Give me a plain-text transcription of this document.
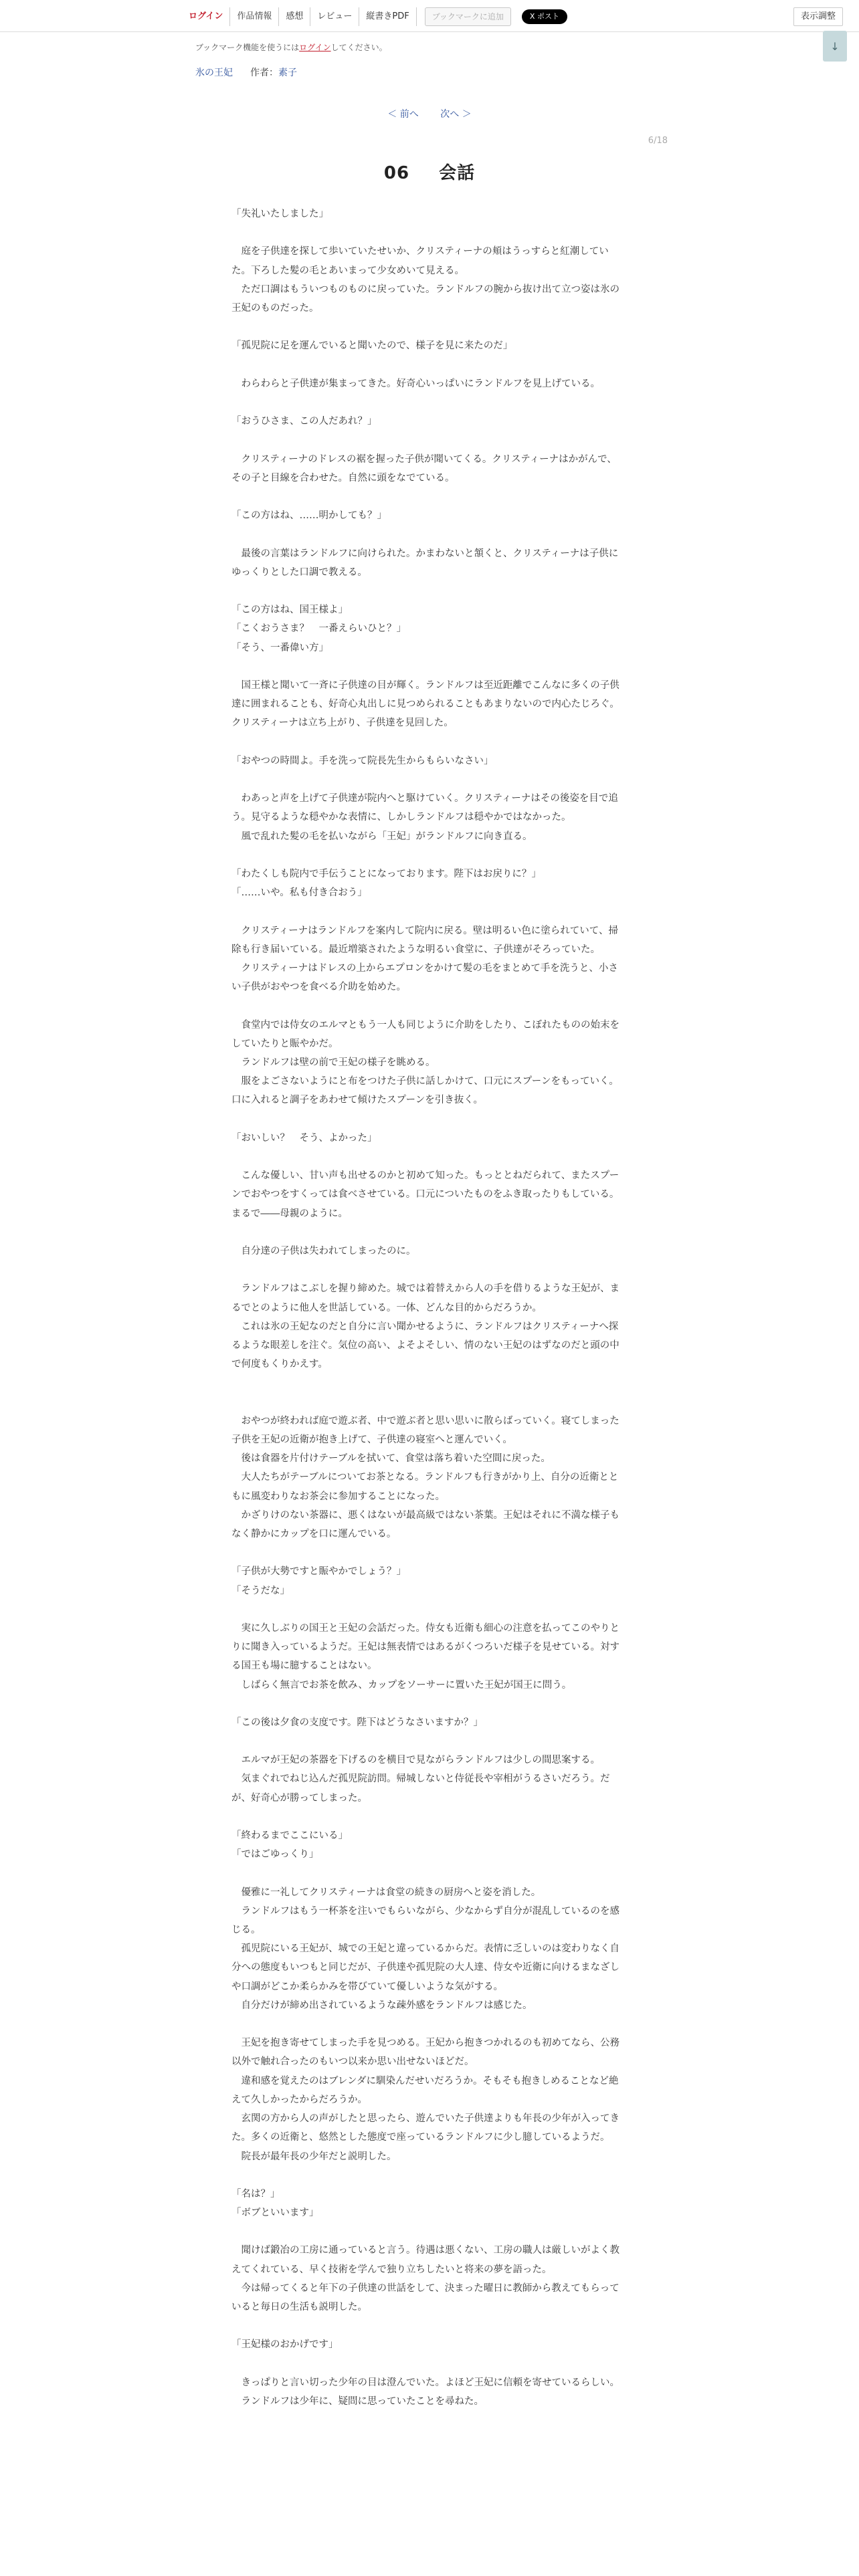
ログイン	作品情報	感想	レビュー	縦書きPDF	ブックマークに追加	X ポスト	表示調整
↓
ブックマーク機能を使うにはログインしてください。
氷の王妃 作者：素子
＜ 前へ 次へ ＞
6/18
06 会話

「失礼いたしました」

　庭を子供達を探して歩いていたせいか、クリスティーナの頬はうっすらと紅潮していた。下ろした髪の毛とあいまって少女めいて見える。

　ただ口調はもういつものものに戻っていた。ランドルフの腕から抜け出て立つ姿は氷の王妃のものだった。

「孤児院に足を運んでいると聞いたので、様子を見に来たのだ」

　わらわらと子供達が集まってきた。好奇心いっぱいにランドルフを見上げている。

「おうひさま、この人だあれ？」

　クリスティーナのドレスの裾を握った子供が聞いてくる。クリスティーナはかがんで、その子と目線を合わせた。自然に頭をなでている。

「この方はね、……明かしても？」

　最後の言葉はランドルフに向けられた。かまわないと頷くと、クリスティーナは子供にゆっくりとした口調で教える。

「この方はね、国王様よ」

「こくおうさま？　一番えらいひと？」

「そう、一番偉い方」

　国王様と聞いて一斉に子供達の目が輝く。ランドルフは至近距離でこんなに多くの子供達に囲まれることも、好奇心丸出しに見つめられることもあまりないので内心たじろぐ。クリスティーナは立ち上がり、子供達を見回した。

「おやつの時間よ。手を洗って院長先生からもらいなさい」

　わあっと声を上げて子供達が院内へと駆けていく。クリスティーナはその後姿を目で追う。見守るような穏やかな表情に、しかしランドルフは穏やかではなかった。

　風で乱れた髪の毛を払いながら「王妃」がランドルフに向き直る。

「わたくしも院内で手伝うことになっております。陛下はお戻りに？」

「……いや。私も付き合おう」

　クリスティーナはランドルフを案内して院内に戻る。壁は明るい色に塗られていて、掃除も行き届いている。最近増築されたような明るい食堂に、子供達がそろっていた。

　クリスティーナはドレスの上からエプロンをかけて髪の毛をまとめて手を洗うと、小さい子供がおやつを食べる介助を始めた。

　食堂内では侍女のエルマともう一人も同じように介助をしたり、こぼれたものの始末をしていたりと賑やかだ。

　ランドルフは壁の前で王妃の様子を眺める。

　服をよごさないようにと布をつけた子供に話しかけて、口元にスプーンをもっていく。口に入れると調子をあわせて傾けたスプーンを引き抜く。

「おいしい？　そう、よかった」

　こんな優しい、甘い声も出せるのかと初めて知った。もっととねだられて、またスプーンでおやつをすくっては食べさせている。口元についたものをふき取ったりもしている。まるで――母親のように。

　自分達の子供は失われてしまったのに。

　ランドルフはこぶしを握り締めた。城では着替えから人の手を借りるような王妃が、まるでとのように他人を世話している。一体、どんな目的からだろうか。

　これは氷の王妃なのだと自分に言い聞かせるように、ランドルフはクリスティーナへ探るような眼差しを注ぐ。気位の高い、よそよそしい、情のない王妃のはずなのだと頭の中で何度もくりかえす。

　おやつが終われば庭で遊ぶ者、中で遊ぶ者と思い思いに散らばっていく。寝てしまった子供を王妃の近衛が抱き上げて、子供達の寝室へと運んでいく。

　後は食器を片付けテーブルを拭いて、食堂は落ち着いた空間に戻った。

　大人たちがテーブルについてお茶となる。ランドルフも行きがかり上、自分の近衛とともに風変わりなお茶会に参加することになった。

　かざりけのない茶器に、悪くはないが最高級ではない茶葉。王妃はそれに不満な様子もなく静かにカップを口に運んでいる。

「子供が大勢ですと賑やかでしょう？」

「そうだな」

　実に久しぶりの国王と王妃の会話だった。侍女も近衛も細心の注意を払ってこのやりとりに聞き入っているようだ。王妃は無表情ではあるがくつろいだ様子を見せている。対する国王も場に臆することはない。

　しばらく無言でお茶を飲み、カップをソーサーに置いた王妃が国王に問う。

「この後は夕食の支度です。陛下はどうなさいますか？」

　エルマが王妃の茶器を下げるのを横目で見ながらランドルフは少しの間思案する。

　気まぐれでねじ込んだ孤児院訪問。帰城しないと侍従長や宰相がうるさいだろう。だが、好奇心が勝ってしまった。

「終わるまでここにいる」

「ではごゆっくり」

　優雅に一礼してクリスティーナは食堂の続きの厨房へと姿を消した。

　ランドルフはもう一杯茶を注いでもらいながら、少なからず自分が混乱しているのを感じる。

　孤児院にいる王妃が、城での王妃と違っているからだ。表情に乏しいのは変わりなく自分への態度もいつもと同じだが、子供達や孤児院の大人達、侍女や近衛に向けるまなざしや口調がどこか柔らかみを帯びていて優しいような気がする。

　自分だけが締め出されているような疎外感をランドルフは感じた。

　王妃を抱き寄せてしまった手を見つめる。王妃から抱きつかれるのも初めてなら、公務以外で触れ合ったのもいつ以来か思い出せないほどだ。

　違和感を覚えたのはブレンダに馴染んだせいだろうか。そもそも抱きしめることなど絶えて久しかったからだろうか。

　玄関の方から人の声がしたと思ったら、遊んでいた子供達よりも年長の少年が入ってきた。多くの近衛と、悠然とした態度で座っているランドルフに少し臆しているようだ。

　院長が最年長の少年だと説明した。

「名は？」

「ボブといいます」

　聞けば鍛冶の工房に通っていると言う。待遇は悪くない、工房の職人は厳しいがよく教えてくれている、早く技術を学んで独り立ちしたいと将来の夢を語った。

　今は帰ってくると年下の子供達の世話をして、決まった曜日に教師から教えてもらっていると毎日の生活も説明した。

「王妃様のおかげです」

　きっぱりと言い切った少年の目は澄んでいた。よほど王妃に信頼を寄せているらしい。

　ランドルフは少年に、疑問に思っていたことを尋ねた。
